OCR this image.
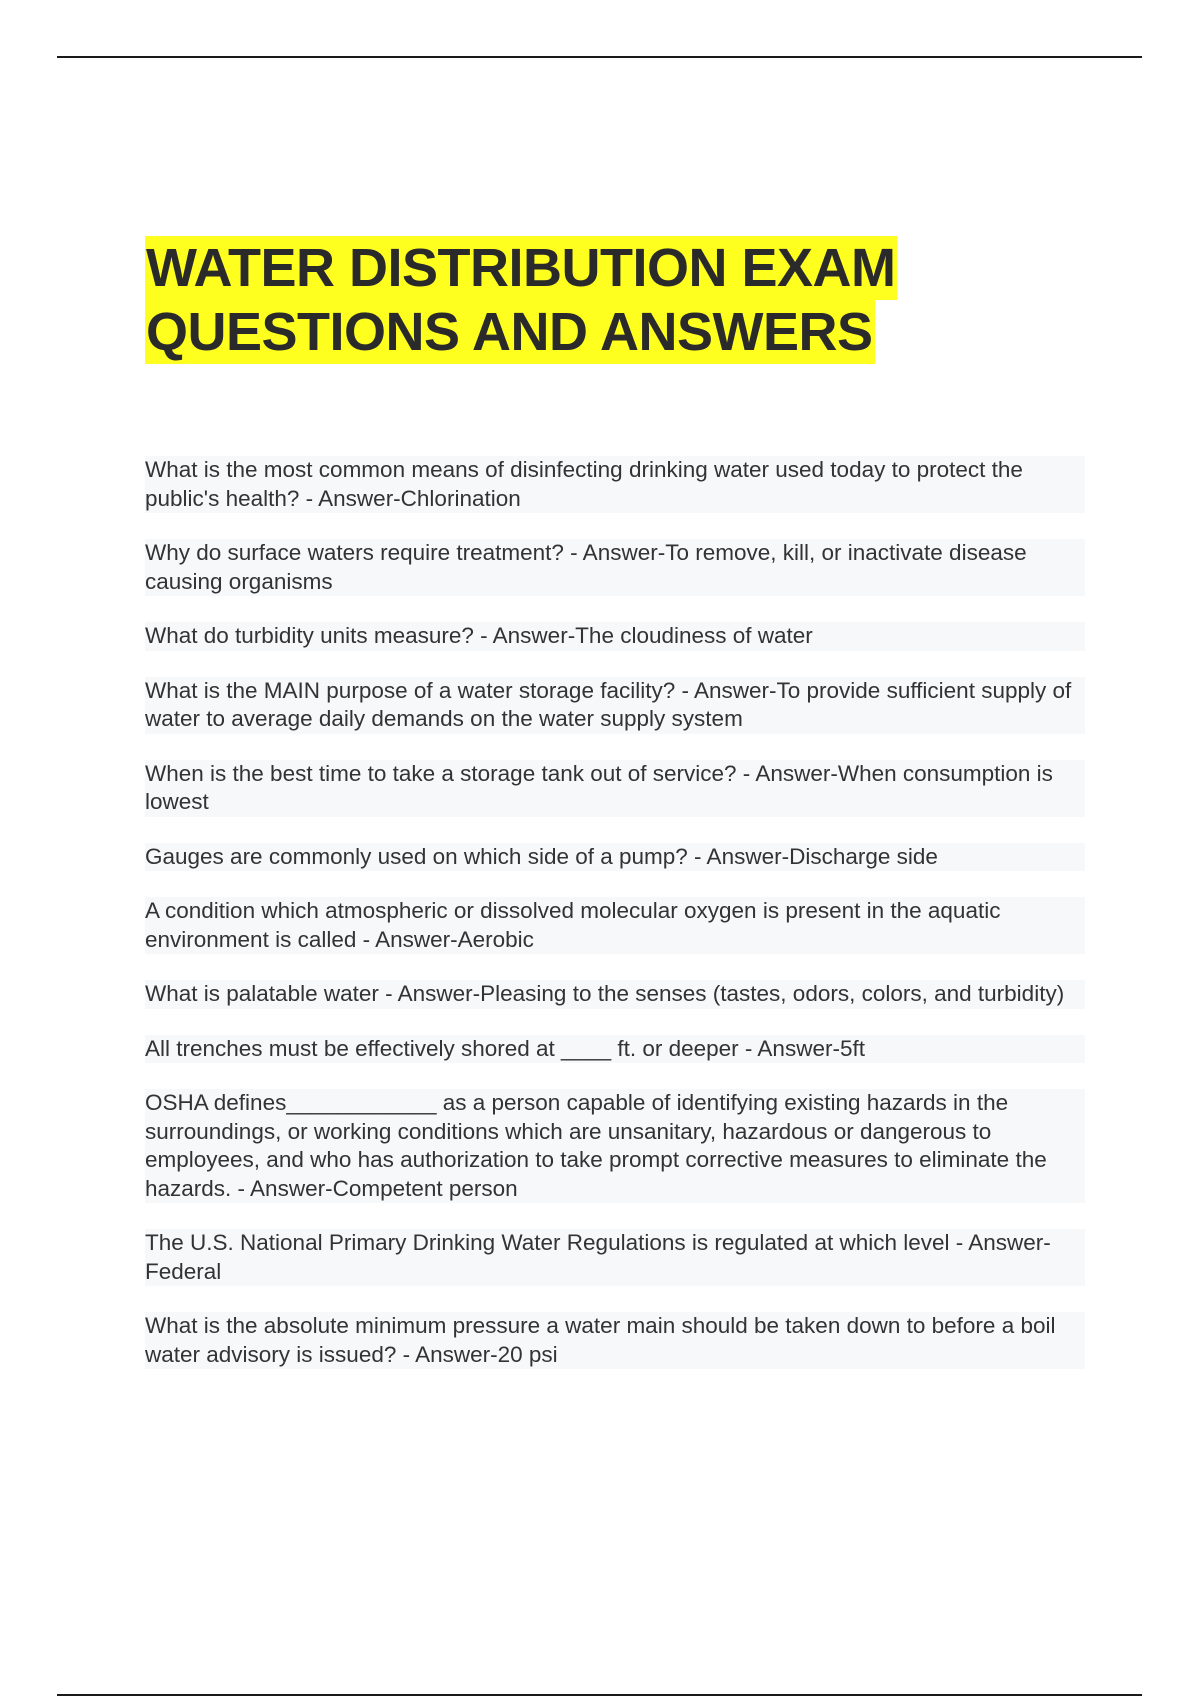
WATER DISTRIBUTION EXAM
QUESTIONS AND ANSWERS

What is the most common means of disinfecting drinking water used today to protect the public's health? - Answer-Chlorination

Why do surface waters require treatment? - Answer-To remove, kill, or inactivate disease causing organisms

What do turbidity units measure? - Answer-The cloudiness of water

What is the MAIN purpose of a water storage facility? - Answer-To provide sufficient supply of water to average daily demands on the water supply system

When is the best time to take a storage tank out of service? - Answer-When consumption is lowest

Gauges are commonly used on which side of a pump? - Answer-Discharge side

A condition which atmospheric or dissolved molecular oxygen is present in the aquatic environment is called - Answer-Aerobic

What is palatable water - Answer-Pleasing to the senses (tastes, odors, colors, and turbidity)

All trenches must be effectively shored at ____ ft. or deeper - Answer-5ft

OSHA defines____________ as a person capable of identifying existing hazards in the surroundings, or working conditions which are unsanitary, hazardous or dangerous to employees, and who has authorization to take prompt corrective measures to eliminate the hazards. - Answer-Competent person

The U.S. National Primary Drinking Water Regulations is regulated at which level - Answer-Federal

What is the absolute minimum pressure a water main should be taken down to before a boil water advisory is issued? - Answer-20 psi
